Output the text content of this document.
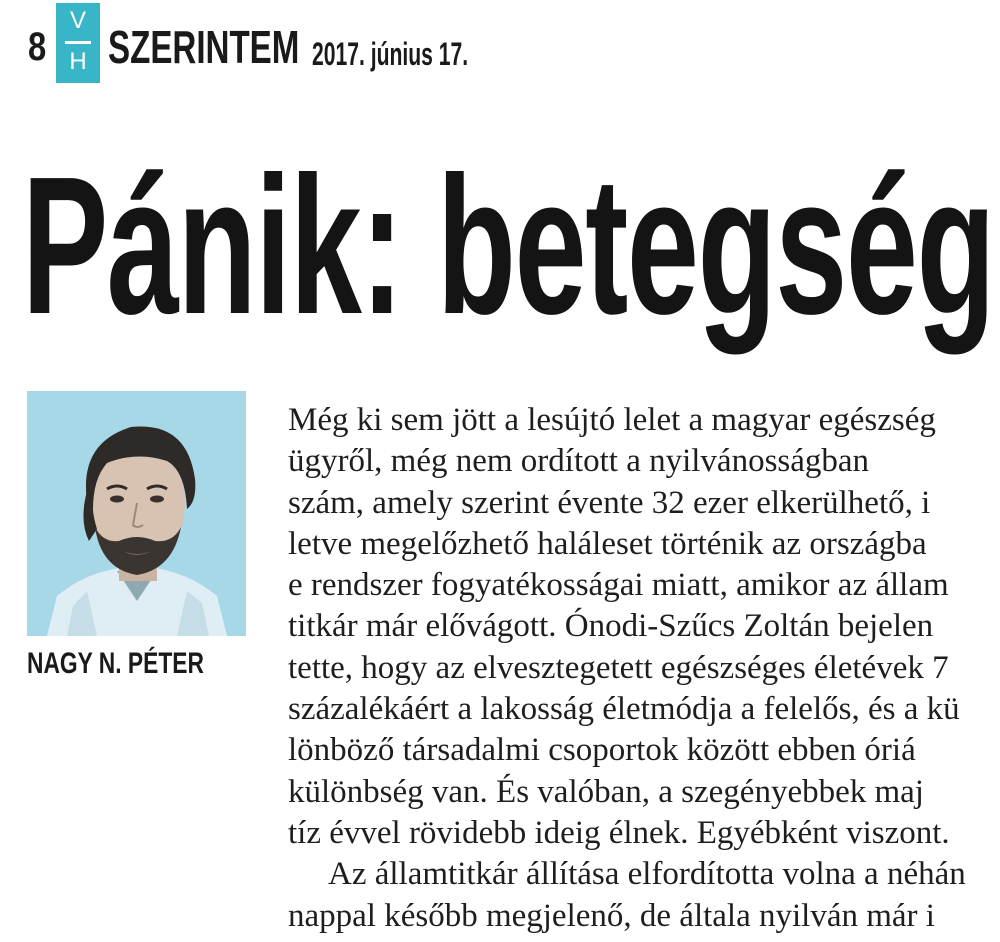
8
V
H SZERINTEM 2017. június 17.
Pánik: betegség
NAGY N. PÉTER
Még ki sem jött a lesújtó lelet a magyar egészség
ügyről, még nem ordított a nyilvánosságban
szám, amely szerint évente 32 ezer elkerülhető, i
letve megelőzhető haláleset történik az országba
e rendszer fogyatékosságai miatt, amikor az állam
titkár már elővágott. Ónodi-Szűcs Zoltán bejelen
tette, hogy az elvesztegetett egészséges életévek 7
százalékáért a lakosság életmódja a felelős, és a kü
lönböző társadalmi csoportok között ebben óriá
különbség van. És valóban, a szegényebbek maj
tíz évvel rövidebb ideig élnek. Egyébként viszont.
Az államtitkár állítása elfordította volna a néhán
nappal később megjelenő, de általa nyilván már i
